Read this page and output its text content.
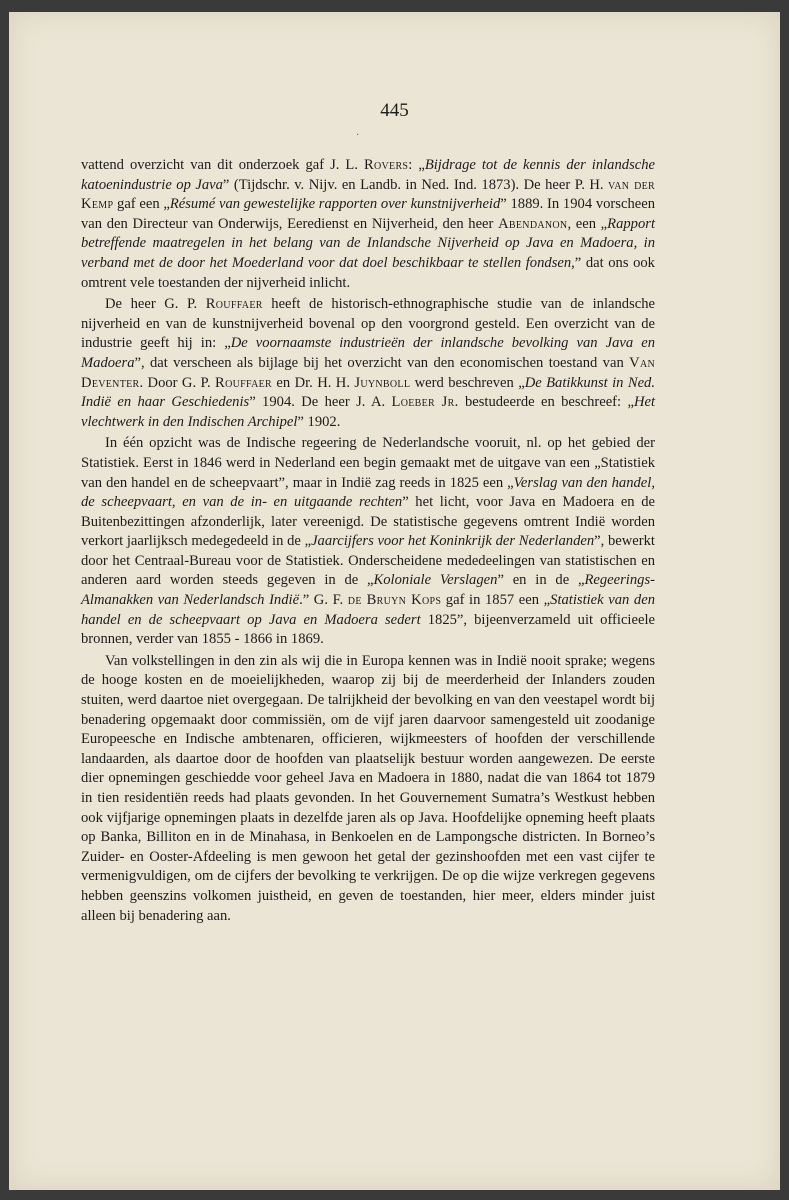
445
·

vattend overzicht van dit onderzoek gaf J. L. Rovers: „Bijdrage tot de kennis der inlandsche katoenindustrie op Java” (Tijdschr. v. Nijv. en Landb. in Ned. Ind. 1873). De heer P. H. van der Kemp gaf een „Résumé van gewestelijke rapporten over kunstnijverheid” 1889. In 1904 vorscheen van den Directeur van Onderwijs, Eeredienst en Nijverheid, den heer Abendanon, een „Rapport betreffende maatregelen in het belang van de Inlandsche Nijverheid op Java en Madoera, in verband met de door het Moederland voor dat doel beschikbaar te stellen fondsen,” dat ons ook omtrent vele toestanden der nijverheid inlicht.

De heer G. P. Rouffaer heeft de historisch-ethnographische studie van de inlandsche nijverheid en van de kunstnijverheid bovenal op den voorgrond gesteld. Een overzicht van de industrie geeft hij in: „De voornaamste industrieën der inlandsche bevolking van Java en Madoera”, dat verscheen als bijlage bij het overzicht van den economischen toestand van Van Deventer. Door G. P. Rouffaer en Dr. H. H. Juynboll werd beschreven „De Batikkunst in Ned. Indië en haar Geschiedenis” 1904. De heer J. A. Loeber Jr. bestudeerde en beschreef: „Het vlechtwerk in den Indischen Archipel” 1902.

In één opzicht was de Indische regeering de Nederlandsche vooruit, nl. op het gebied der Statistiek. Eerst in 1846 werd in Nederland een begin gemaakt met de uitgave van een „Statistiek van den handel en de scheepvaart”, maar in Indië zag reeds in 1825 een „Verslag van den handel, de scheepvaart, en van de in- en uitgaande rechten” het licht, voor Java en Madoera en de Buitenbezittingen afzonderlijk, later vereenigd. De statistische gegevens omtrent Indië worden verkort jaarlijksch medegedeeld in de „Jaarcijfers voor het Koninkrijk der Nederlanden”, bewerkt door het Centraal-Bureau voor de Statistiek. Onderscheidene mededeelingen van statistischen en anderen aard worden steeds gegeven in de „Koloniale Verslagen” en in de „Regeerings-Almanakken van Nederlandsch Indië.” G. F. de Bruyn Kops gaf in 1857 een „Statistiek van den handel en de scheepvaart op Java en Madoera sedert 1825”, bijeenverzameld uit officieele bronnen, verder van 1855 - 1866 in 1869.

Van volkstellingen in den zin als wij die in Europa kennen was in Indië nooit sprake; wegens de hooge kosten en de moeielijkheden, waarop zij bij de meerderheid der Inlanders zouden stuiten, werd daartoe niet overgegaan. De talrijkheid der bevolking en van den veestapel wordt bij benadering opgemaakt door commissiën, om de vijf jaren daarvoor samengesteld uit zoodanige Europeesche en Indische ambtenaren, officieren, wijkmeesters of hoofden der verschillende landaarden, als daartoe door de hoofden van plaatselijk bestuur worden aangewezen. De eerste dier opnemingen geschiedde voor geheel Java en Madoera in 1880, nadat die van 1864 tot 1879 in tien residentiën reeds had plaats gevonden. In het Gouvernement Sumatra’s Westkust hebben ook vijfjarige opnemingen plaats in dezelfde jaren als op Java. Hoofdelijke opneming heeft plaats op Banka, Billiton en in de Minahasa, in Benkoelen en de Lampongsche districten. In Borneo’s Zuider- en Ooster-Afdeeling is men gewoon het getal der gezinshoofden met een vast cijfer te vermenigvuldigen, om de cijfers der bevolking te verkrijgen. De op die wijze verkregen gegevens hebben geenszins volkomen juistheid, en geven de toestanden, hier meer, elders minder juist alleen bij benadering aan.
